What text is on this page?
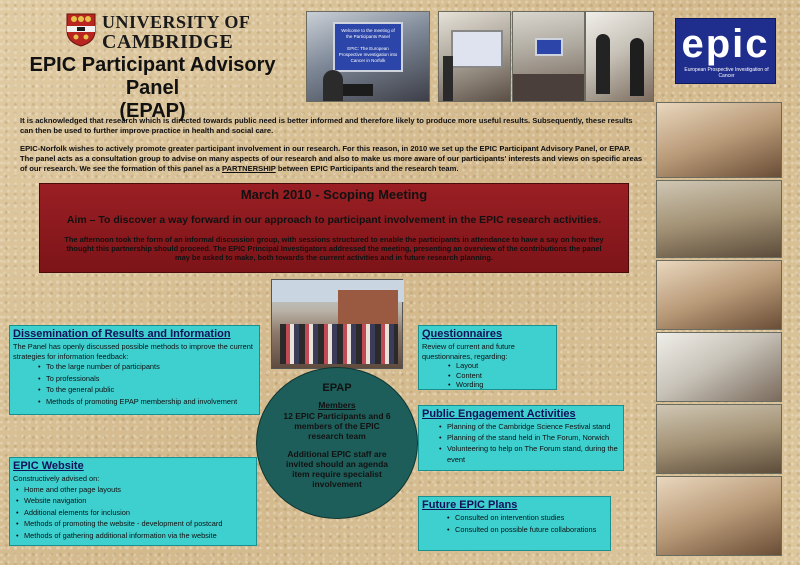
UNIVERSITY OF
CAMBRIDGE
EPIC Participant Advisory Panel
(EPAP)
Welcome to the meeting of the Participants Panel
EPIC: The European Prospective Investigation into Cancer in Norfolk	epic
European Prospective Investigation of Cancer

It is acknowledged that research which is directed towards public need is better informed and therefore likely to produce more useful results. Subsequently, these results can then be used to further improve practice in health and social care.

EPIC-Norfolk wishes to actively promote greater participant involvement in our research. For this reason, in 2010 we set up the EPIC Participant Advisory Panel, or EPAP. The panel acts as a consultation group to advise on many aspects of our research and also to make us more aware of our participants' interests and views on specific areas of our research. We see the formation of this panel as a PARTNERSHIP between EPIC Participants and the research team.

March 2010 - Scoping Meeting
Aim – To discover a way forward in our approach to participant involvement in the EPIC research activities.

The afternoon took the form of an informal discussion group, with sessions structured to enable the participants in attendance to have a say on how they thought this partnership should proceed. The EPIC Principal Investigators addressed the meeting, presenting an overview of the contributions the panel may be asked to make, both towards the current activities and in future research planning.

Dissemination of Results and Information
The Panel has openly discussed possible methods to improve the current strategies for information feedback:
• To the large number of participants
• To professionals
• To the general public
• Methods of promoting EPAP membership and involvement
EPIC Website
Constructively advised on:
• Home and other page layouts
• Website navigation
• Additional elements for inclusion
• Methods of promoting the website - development of postcard
• Methods of gathering additional information via the website
EPAP
Members
12 EPIC Participants and 6 members of the EPIC research team
Additional EPIC staff are invited should an agenda item require specialist involvement
Questionnaires
Review of current and future questionnaires, regarding:
• Layout
• Content
• Wording
Public Engagement Activities
• Planning of the Cambridge Science Festival stand
• Planning of the stand held in The Forum, Norwich
• Volunteering to help on The Forum stand, during the event
Future EPIC Plans
• Consulted on intervention studies
• Consulted on possible future collaborations
